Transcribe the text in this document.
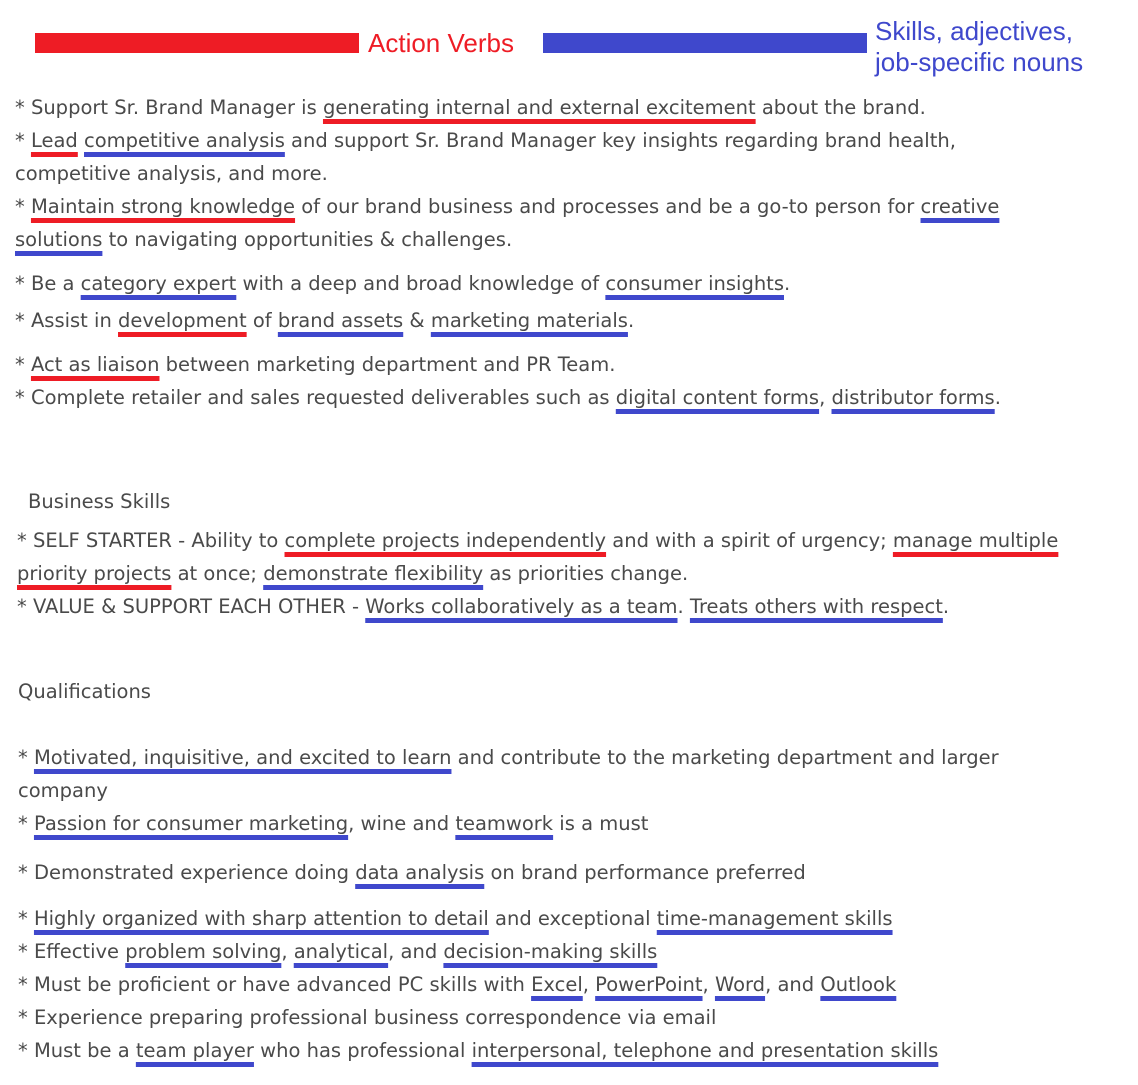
Action Verbs	Skills, adjectives,
job-specific nouns
* Support Sr. Brand Manager is generating internal and external excitement about the brand.
* Lead competitive analysis and support Sr. Brand Manager key insights regarding brand health,
competitive analysis, and more.
* Maintain strong knowledge of our brand business and processes and be a go-to person for creative
solutions to navigating opportunities & challenges.
* Be a category expert with a deep and broad knowledge of consumer insights.
* Assist in development of brand assets & marketing materials.
* Act as liaison between marketing department and PR Team.
* Complete retailer and sales requested deliverables such as digital content forms, distributor forms.
Business Skills
* SELF STARTER - Ability to complete projects independently and with a spirit of urgency; manage multiple
priority projects at once; demonstrate flexibility as priorities change.
* VALUE & SUPPORT EACH OTHER - Works collaboratively as a team. Treats others with respect.
Qualifications
* Motivated, inquisitive, and excited to learn and contribute to the marketing department and larger
company
* Passion for consumer marketing, wine and teamwork is a must
* Demonstrated experience doing data analysis on brand performance preferred
* Highly organized with sharp attention to detail and exceptional time-management skills
* Effective problem solving, analytical, and decision-making skills
* Must be proficient or have advanced PC skills with Excel, PowerPoint, Word, and Outlook
* Experience preparing professional business correspondence via email
* Must be a team player who has professional interpersonal, telephone and presentation skills
